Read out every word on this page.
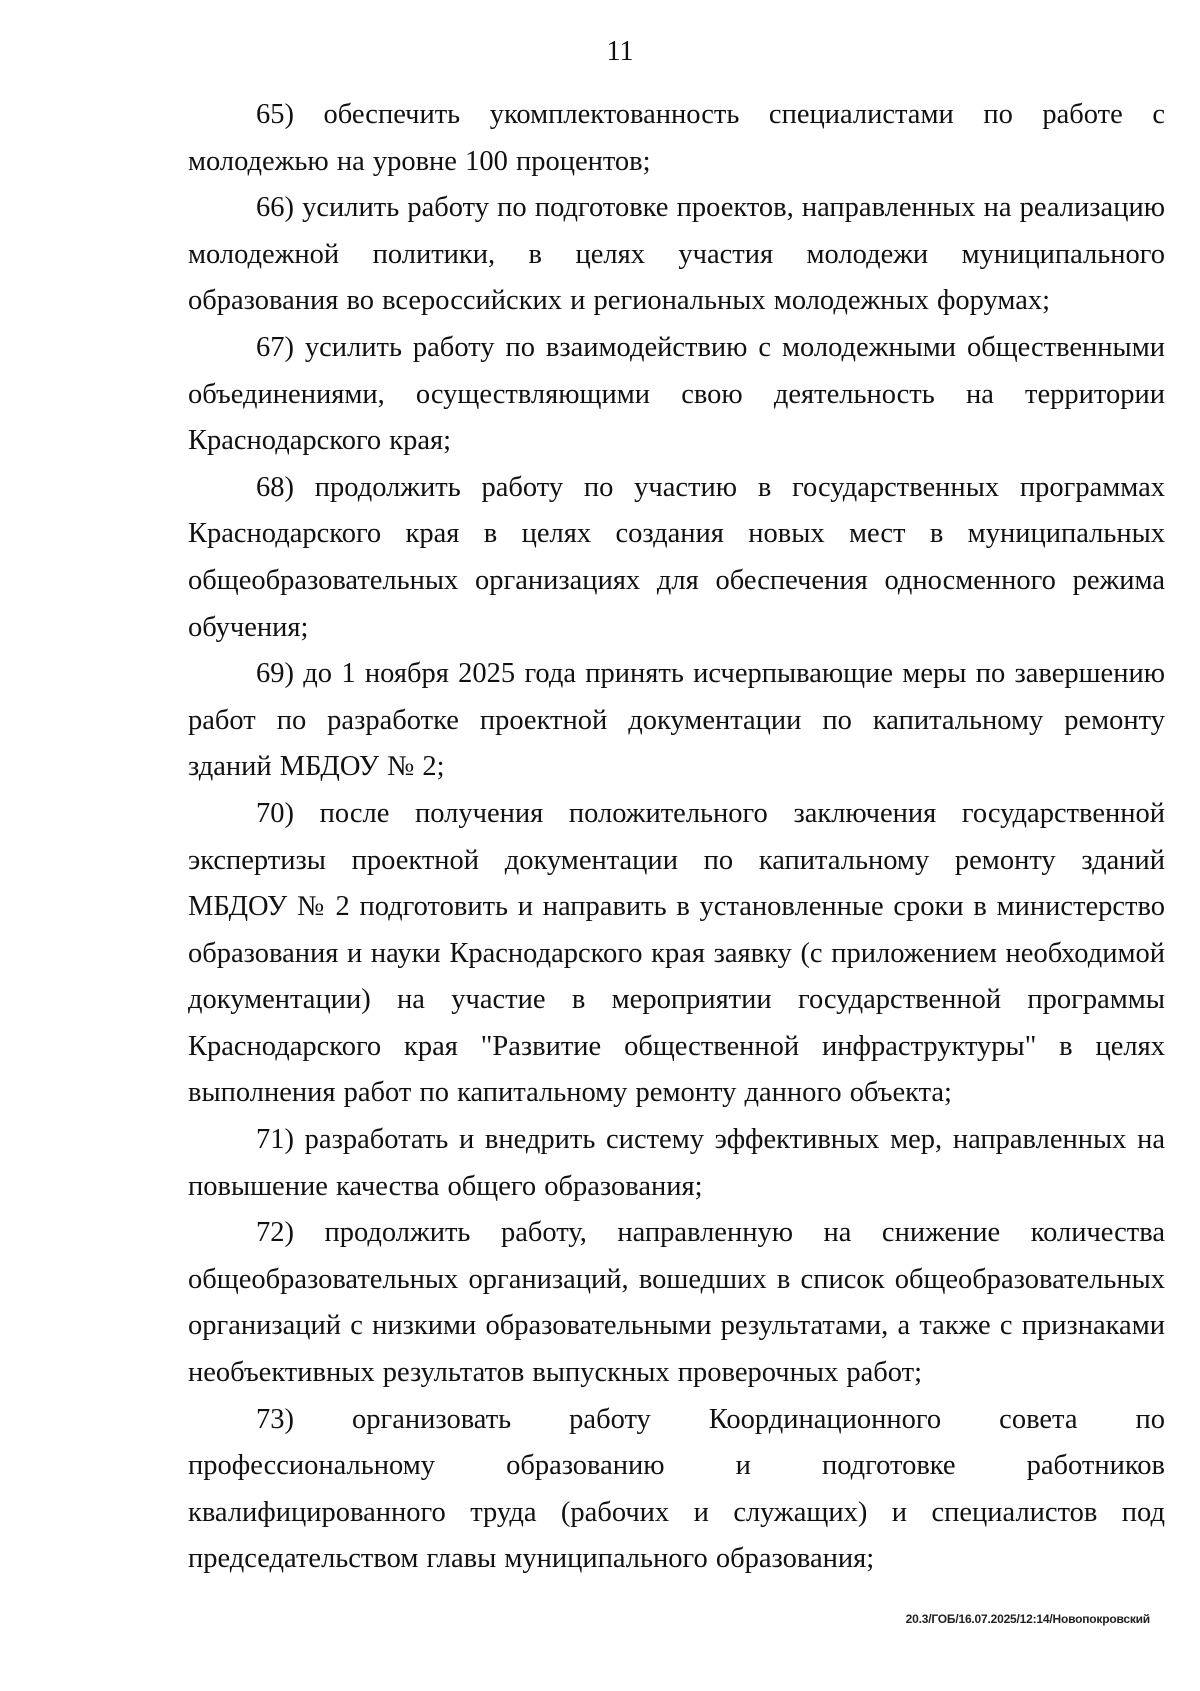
11

65) обеспечить укомплектованность специалистами по работе с молодежью на уровне 100 процентов;

66) усилить работу по подготовке проектов, направленных на реализацию молодежной политики, в целях участия молодежи муниципального образования во всероссийских и региональных молодежных форумах;

67) усилить работу по взаимодействию с молодежными общественными объединениями, осуществляющими свою деятельность на территории Краснодарского края;

68) продолжить работу по участию в государственных программах Краснодарского края в целях создания новых мест в муниципальных общеобразовательных организациях для обеспечения односменного режима обучения;

69) до 1 ноября 2025 года принять исчерпывающие меры по завершению работ по разработке проектной документации по капитальному ремонту зданий МБДОУ № 2;

70) после получения положительного заключения государственной экспертизы проектной документации по капитальному ремонту зданий МБДОУ № 2 подготовить и направить в установленные сроки в министерство образования и науки Краснодарского края заявку (с приложением необходимой документации) на участие в мероприятии государственной программы Краснодарского края "Развитие общественной инфраструктуры" в целях выполнения работ по капитальному ремонту данного объекта;

71) разработать и внедрить систему эффективных мер, направленных на повышение качества общего образования;

72) продолжить работу, направленную на снижение количества общеобразовательных организаций, вошедших в список общеобразовательных организаций с низкими образовательными результатами, а также с признаками необъективных результатов выпускных проверочных работ;

73) организовать работу Координационного совета по профессиональному образованию и подготовке работников квалифицированного труда (рабочих и служащих) и специалистов под председательством главы муниципального образования;

20.3/ГОБ/16.07.2025/12:14/Новопокровский
